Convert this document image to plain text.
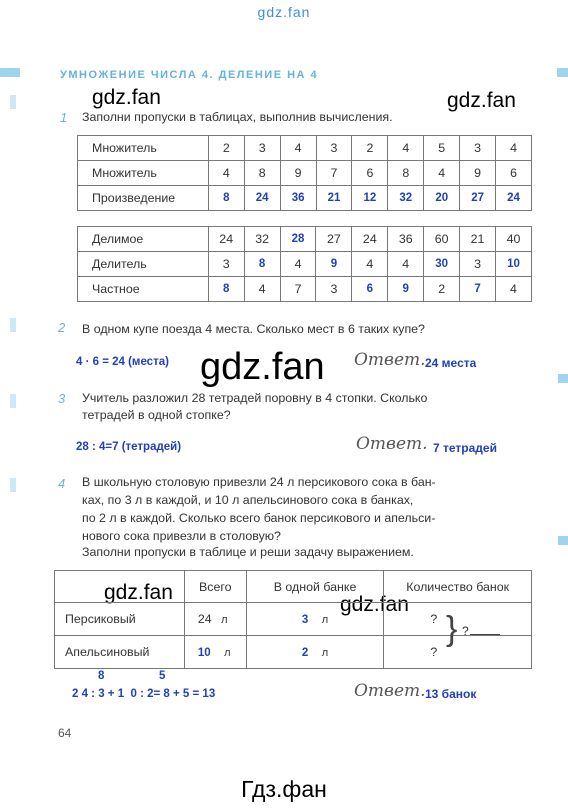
gdz.fan
gdz.fan	gdz.fan
gdz.fan
gdz.fan
gdz.fan
Гдз.фан
УМНОЖЕНИЕ ЧИСЛА 4. ДЕЛЕНИЕ НА 4
1 Заполни пропуски в таблицах, выполнив вычисления.
Множитель	2	3	4	3	2	4	5	3	4
Множитель	4	8	9	7	6	8	4	9	6
Произведение	8	24	36	21	12	32	20	27	24
Делимое	24	32	28	27	24	36	60	21	40
Делитель	3	8	4	9	4	4	30	3	10
Частное	8	4	7	3	6	9	2	7	4
2 В одном купе поезда 4 места. Сколько мест в 6 таких купе?
4 · 6 = 24 (места)	Ответ. 24 места
3 Учитель разложил 28 тетрадей поровну в 4 стопки. Сколько
тетрадей в одной стопке?
28 : 4=7 (тетрадей)	Ответ. 7 тетрадей
4 В школьную столовую привезли 24 л персикового сока в бан-
ках, по 3 л в каждой, и 10 л апельсинового сока в банках,
по 2 л в каждой. Сколько всего банок персикового и апельси-
нового сока привезли в столовую?
Заполни пропуски в таблице и реши задачу выражением.
	Всего	В одной банке	Количество банок
Персиковый	24 л	3 л	?
Апельсиновый	10 л	2 л	?
} ?
8	5
2 4 : 3 + 1  0 : 2= 8 + 5 = 13	Ответ. 13 банок
64
